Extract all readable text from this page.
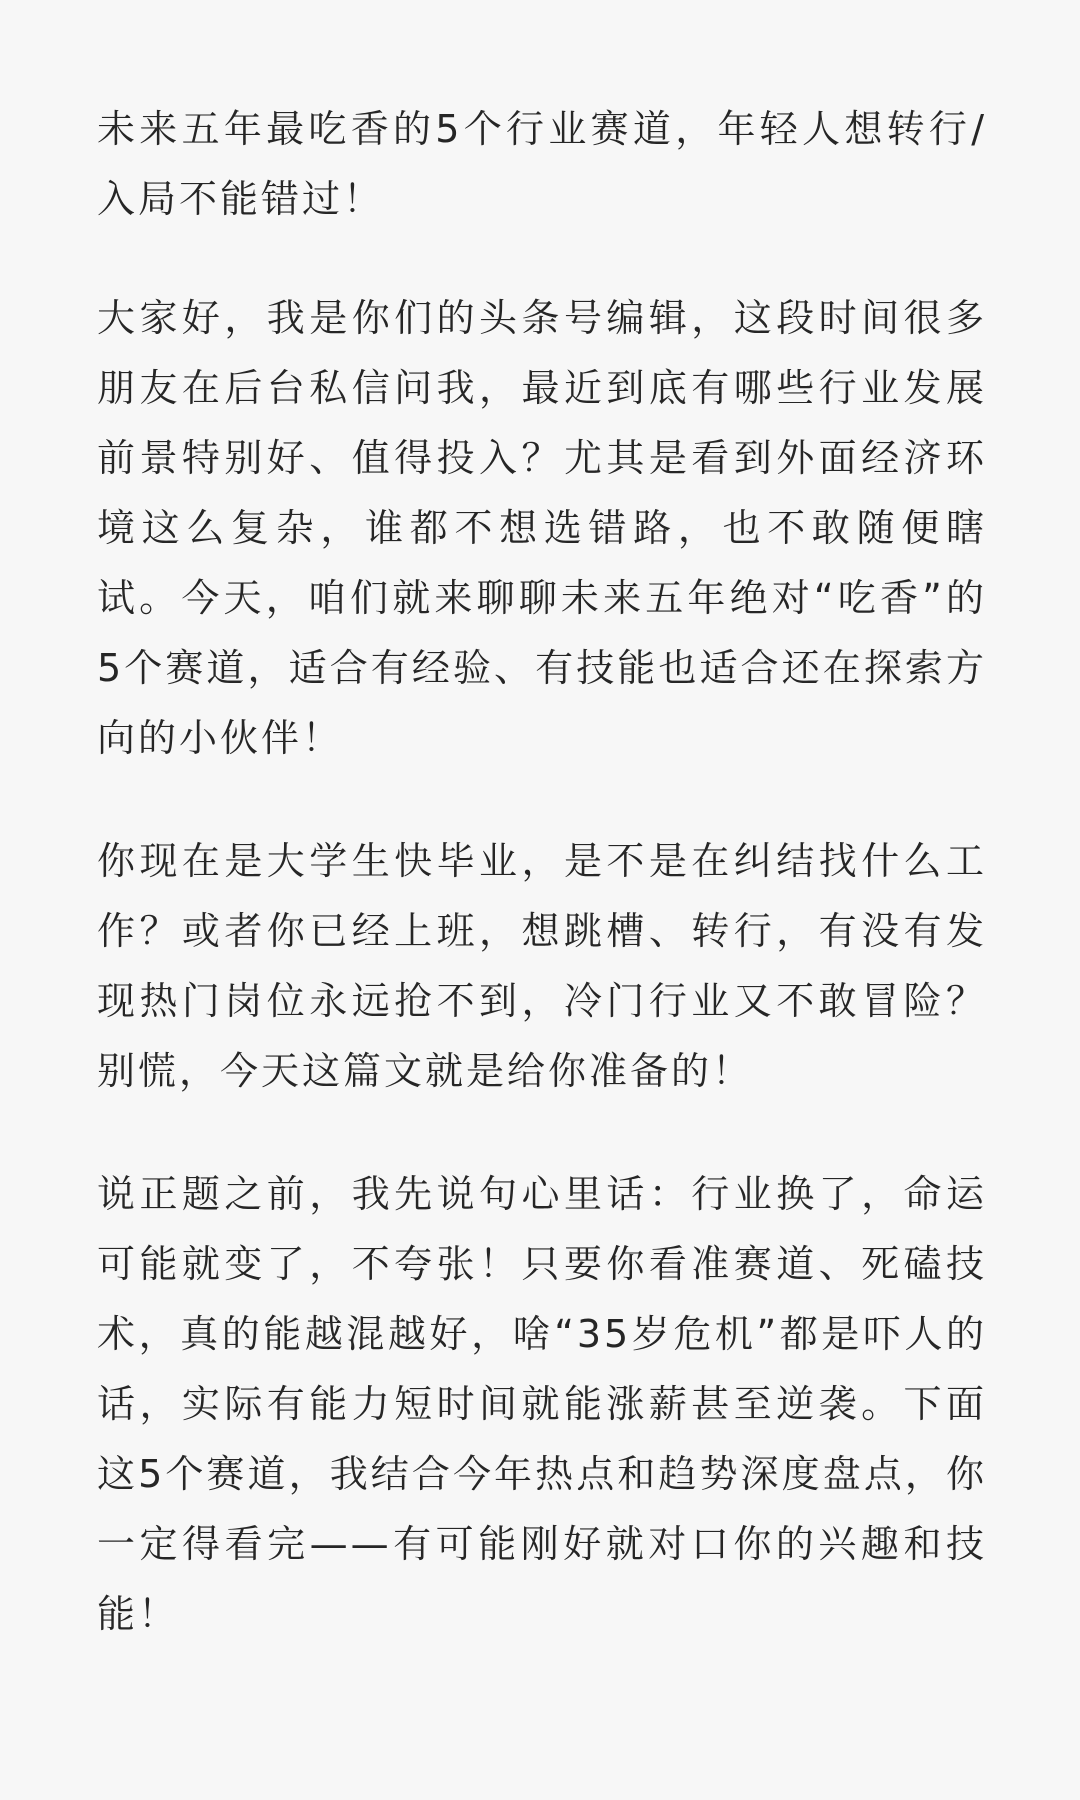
未来五年最吃香的5个行业赛道，年轻人想转行/入局不能错过！

大家好，我是你们的头条号编辑，这段时间很多朋友在后台私信问我，最近到底有哪些行业发展前景特别好、值得投入？尤其是看到外面经济环境这么复杂，谁都不想选错路，也不敢随便瞎试。今天，咱们就来聊聊未来五年绝对“吃香”的5个赛道，适合有经验、有技能也适合还在探索方向的小伙伴！

你现在是大学生快毕业，是不是在纠结找什么工作？或者你已经上班，想跳槽、转行，有没有发现热门岗位永远抢不到，冷门行业又不敢冒险？别慌，今天这篇文就是给你准备的！

说正题之前，我先说句心里话：行业换了，命运可能就变了，不夸张！只要你看准赛道、死磕技术，真的能越混越好，啥“35岁危机”都是吓人的话，实际有能力短时间就能涨薪甚至逆袭。下面这5个赛道，我结合今年热点和趋势深度盘点，你一定得看完——有可能刚好就对口你的兴趣和技能！
